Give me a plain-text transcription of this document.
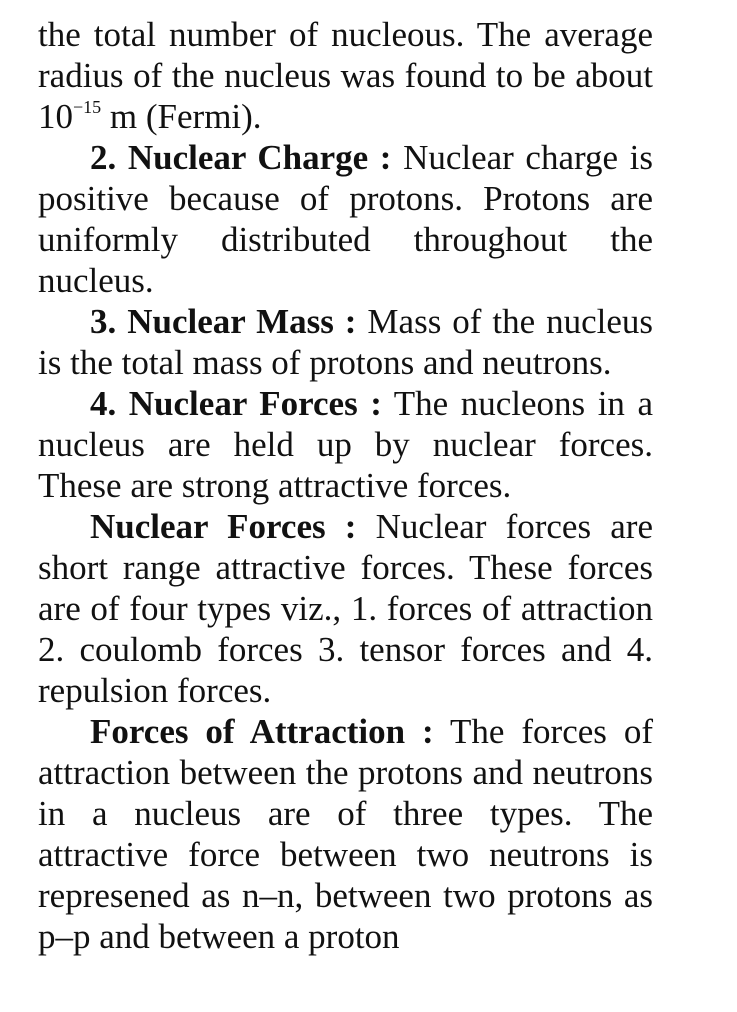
the total number of nucleous. The average radius of the nucleus was found to be about $10^{-15}$ m (Fermi).

2. Nuclear Charge : Nuclear charge is positive because of protons. Protons are uniformly distributed throughout the nucleus.

3. Nuclear Mass : Mass of the nucleus is the total mass of protons and neutrons.

4. Nuclear Forces : The nucleons in a nucleus are held up by nuclear forces. These are strong attractive forces.

Nuclear Forces : Nuclear forces are short range attractive forces. These forces are of four types viz., 1. forces of attraction 2. coulomb forces 3. tensor forces and 4. repulsion forces.

Forces of Attraction : The forces of attraction between the protons and neutrons in a nucleus are of three types. The attractive force between two neutrons is represened as n–n, between two protons as p–p and between a proton
